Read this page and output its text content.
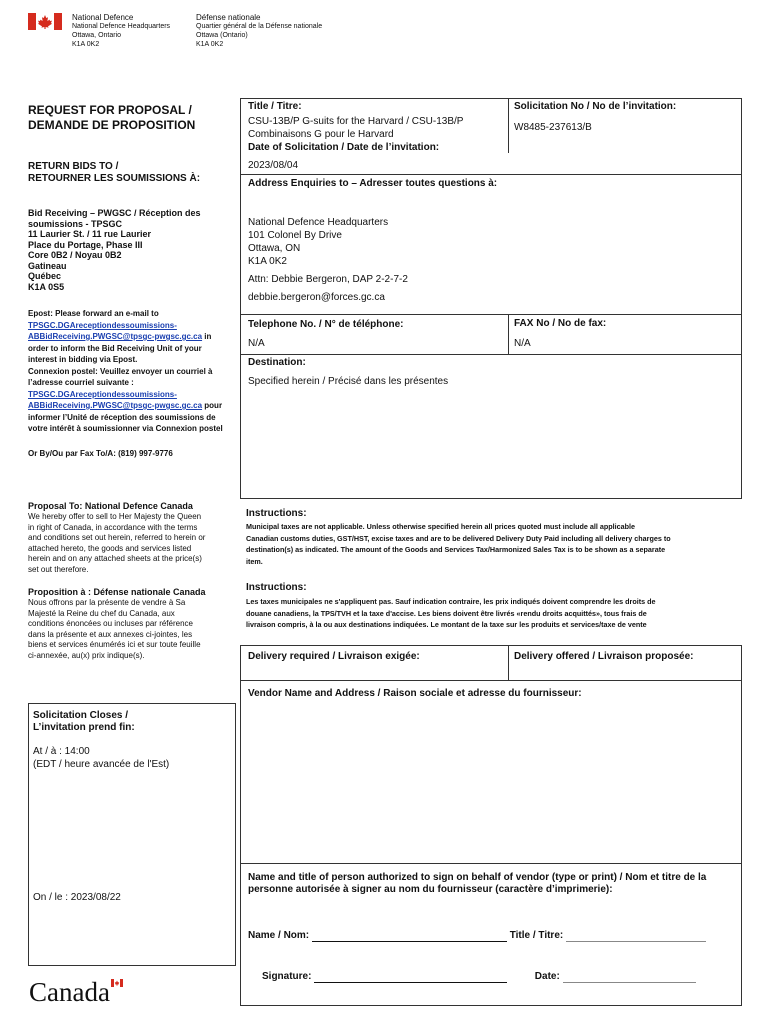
National Defence
National Defence Headquarters
Ottawa, Ontario
K1A 0K2
Défense nationale
Quartier général de la Défense nationale
Ottawa (Ontario)
K1A 0K2
REQUEST FOR PROPOSAL /
DEMANDE DE PROPOSITION
RETURN BIDS TO /
RETOURNER LES SOUMISSIONS À:
Bid Receiving – PWGSC / Réception des
soumissions - TPSGC
11 Laurier St. / 11 rue Laurier
Place du Portage, Phase III
Core 0B2 / Noyau 0B2
Gatineau
Québec
K1A 0S5
Epost: Please forward an e-mail to
TPSGC.DGAreceptiondessoumissions-
ABBidReceiving.PWGSC@tpsgc-pwgsc.gc.ca in
order to inform the Bid Receiving Unit of your
interest in bidding via Epost.
Connexion postel: Veuillez envoyer un courriel à
l’adresse courriel suivante :
TPSGC.DGAreceptiondessoumissions-
ABBidReceiving.PWGSC@tpsgc-pwgsc.gc.ca pour
informer l’Unité de réception des soumissions de
votre intérêt à soumissionner via Connexion postel
Or By/Ou par Fax To/A: (819) 997-9776
Proposal To: National Defence Canada
We hereby offer to sell to Her Majesty the Queen
in right of Canada, in accordance with the terms
and conditions set out herein, referred to herein or
attached hereto, the goods and services listed
herein and on any attached sheets at the price(s)
set out therefore.
Proposition à : Défense nationale Canada
Nous offrons par la présente de vendre à Sa
Majesté la Reine du chef du Canada, aux
conditions énoncées ou incluses par référence
dans la présente et aux annexes ci-jointes, les
biens et services énumérés ici et sur toute feuille
ci-annexée, au(x) prix indique(s).
Solicitation Closes /
L’invitation prend fin:
At / à : 14:00
(EDT / heure avancée de l'Est)
On / le : 2023/08/22
Canada
Title / Titre:
CSU-13B/P G-suits for the Harvard / CSU-13B/P
Combinaisons G pour le Harvard
Solicitation No / No de l’invitation:
W8485-237613/B
Date of Solicitation / Date de l’invitation:
2023/08/04
Address Enquiries to – Adresser toutes questions à:
National Defence Headquarters
101 Colonel By Drive
Ottawa, ON
K1A 0K2
Attn: Debbie Bergeron, DAP 2-2-7-2
debbie.bergeron@forces.gc.ca
Telephone No. / N° de téléphone:
N/A
FAX No / No de fax:
N/A
Destination:
Specified herein / Précisé dans les présentes
Instructions:
Municipal taxes are not applicable. Unless otherwise specified herein all prices quoted must include all applicable
Canadian customs duties, GST/HST, excise taxes and are to be delivered Delivery Duty Paid including all delivery charges to
destination(s) as indicated. The amount of the Goods and Services Tax/Harmonized Sales Tax is to be shown as a separate
item.
Instructions:
Les taxes municipales ne s'appliquent pas. Sauf indication contraire, les prix indiqués doivent comprendre les droits de
douane canadiens, la TPS/TVH et la taxe d'accise. Les biens doivent être livrés «rendu droits acquittés», tous frais de
livraison compris, à la ou aux destinations indiquées. Le montant de la taxe sur les produits et services/taxe de vente
Delivery required / Livraison exigée:	Delivery offered / Livraison proposée:
Vendor Name and Address / Raison sociale et adresse du fournisseur:
Name and title of person authorized to sign on behalf of vendor (type or print) / Nom et titre de la
personne autorisée à signer au nom du fournisseur (caractère d’imprimerie):
Name / Nom:	Title / Titre:
Signature:	Date:
